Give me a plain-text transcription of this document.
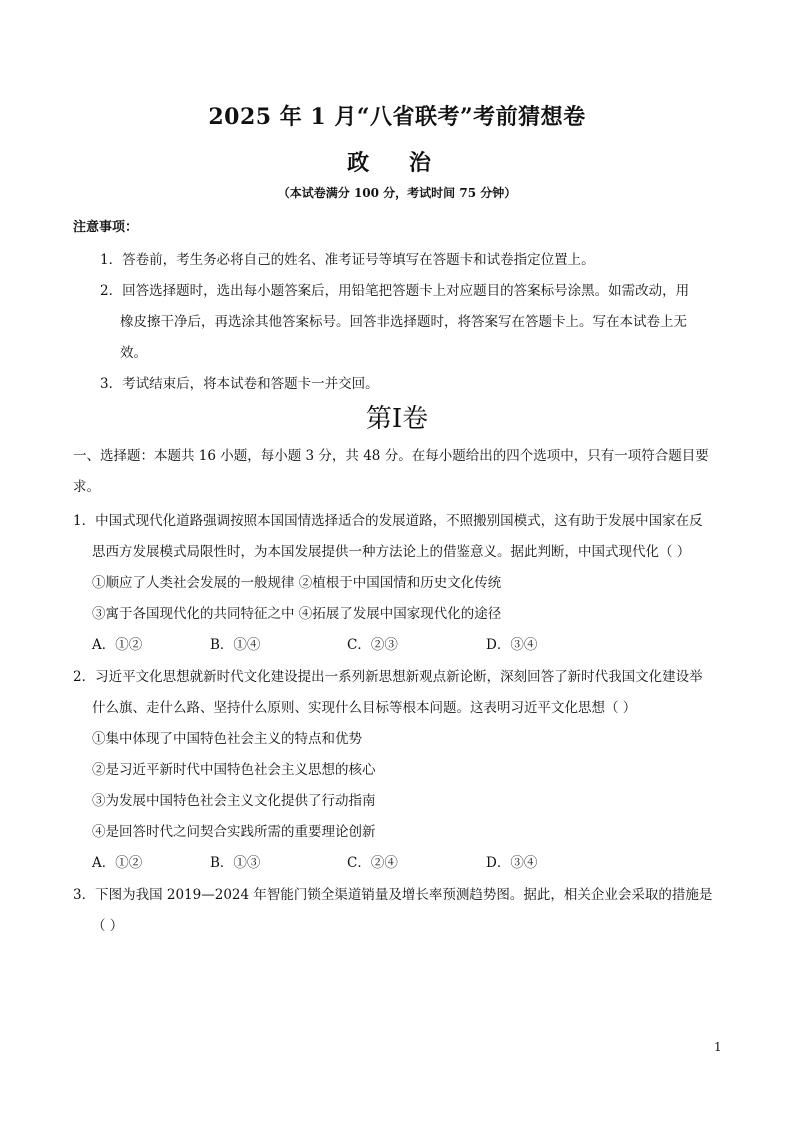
2025 年 1 月“八省联考”考前猜想卷
政 治
（本试卷满分 100 分，考试时间 75 分钟）
注意事项：
1．答卷前，考生务必将自己的姓名、准考证号等填写在答题卡和试卷指定位置上。
2．回答选择题时，选出每小题答案后，用铅笔把答题卡上对应题目的答案标号涂黑。如需改动，用
橡皮擦干净后，再选涂其他答案标号。回答非选择题时，将答案写在答题卡上。写在本试卷上无
效。
3．考试结束后，将本试卷和答题卡一并交回。
第I卷
一、选择题：本题共 16 小题，每小题 3 分，共 48 分。在每小题给出的四个选项中，只有一项符合题目要
求。
1．中国式现代化道路强调按照本国国情选择适合的发展道路，不照搬别国模式，这有助于发展中国家在反
思西方发展模式局限性时，为本国发展提供一种方法论上的借鉴意义。据此判断，中国式现代化（ ）
①顺应了人类社会发展的一般规律 ②植根于中国国情和历史文化传统
③寓于各国现代化的共同特征之中 ④拓展了发展中国家现代化的途径
A．①②	B．①④	C．②③	D．③④
2．习近平文化思想就新时代文化建设提出一系列新思想新观点新论断，深刻回答了新时代我国文化建设举
什么旗、走什么路、坚持什么原则、实现什么目标等根本问题。这表明习近平文化思想（ ）
①集中体现了中国特色社会主义的特点和优势
②是习近平新时代中国特色社会主义思想的核心
③为发展中国特色社会主义文化提供了行动指南
④是回答时代之问契合实践所需的重要理论创新
A．①②	B．①③	C．②④	D．③④
3．下图为我国 2019—2024 年智能门锁全渠道销量及增长率预测趋势图。据此，相关企业会采取的措施是
（ ）
1
